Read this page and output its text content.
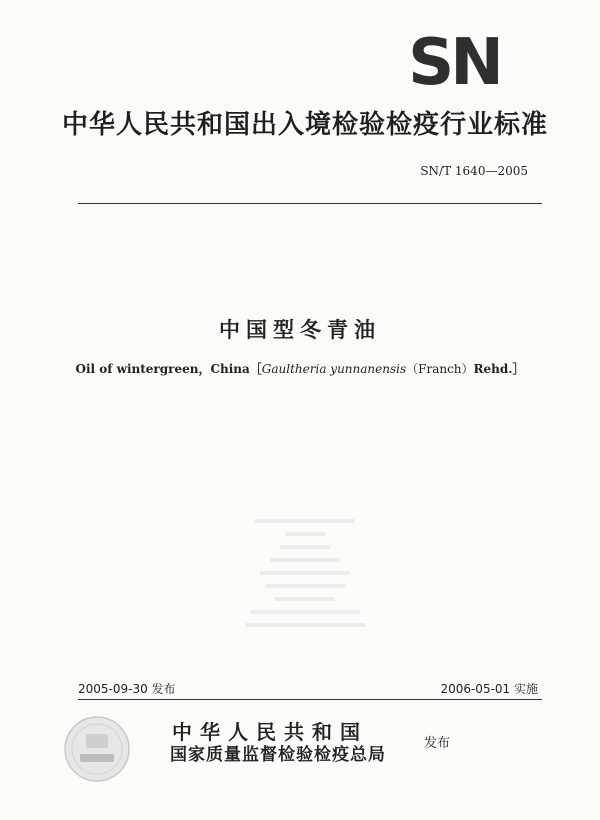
SN
中华人民共和国出入境检验检疫行业标准
SN/T 1640—2005
中国型冬青油
Oil of wintergreen，China［Gaultheria yunnanensis（Franch）Rehd.］
2005-09-30 发布	2006-05-01 实施
中华人民共和国
国家质量监督检验检疫总局
发布
